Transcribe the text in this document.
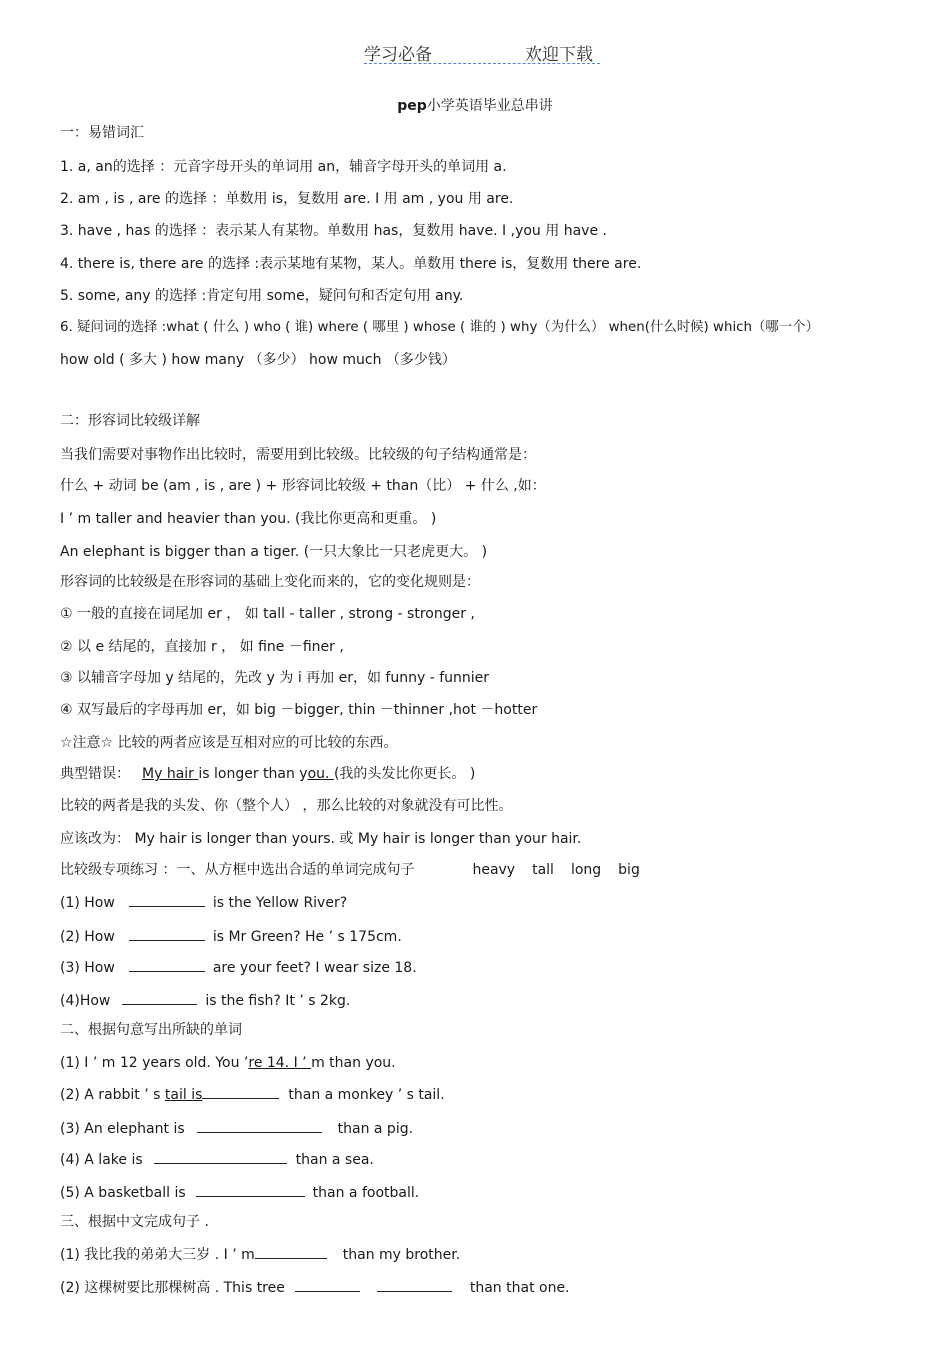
学习必备	欢迎下载
pep小学英语毕业总串讲
一：易错词汇
1. a, an的选择 ：元音字母开头的单词用 an，辅音字母开头的单词用 a.
2. am , is , are 的选择 ：单数用 is，复数用 are. I 用 am , you 用 are.
3. have , has 的选择 ：表示某人有某物。单数用 has，复数用 have. I ,you 用 have .
4. there is, there are 的选择 :表示某地有某物，某人。单数用 there is，复数用 there are.
5. some, any 的选择 :肯定句用 some，疑问句和否定句用 any.
6. 疑问词的选择 :what ( 什么 ) who ( 谁) where ( 哪里 ) whose ( 谁的 ) why（为什么） when(什么时候) which（哪一个）
how old ( 多大 ) how many （多少） how much （多少钱）
二：形容词比较级详解
当我们需要对事物作出比较时，需要用到比较级。比较级的句子结构通常是：
什么 + 动词 be (am , is , are ) + 形容词比较级 + than（比） + 什么 ,如：
I ’ m taller and heavier than you. (我比你更高和更重。 )
An elephant is bigger than a tiger. (一只大象比一只老虎更大。 )
形容词的比较级是在形容词的基础上变化而来的，它的变化规则是：
① 一般的直接在词尾加 er ， 如 tall - taller , strong - stronger ,
② 以 e 结尾的，直接加 r ， 如 fine －finer ,
③ 以辅音字母加 y 结尾的，先改 y 为 i 再加 er，如 funny - funnier
④ 双写最后的字母再加 er，如 big －bigger, thin －thinner ,hot －hotter
☆注意☆ 比较的两者应该是互相对应的可比较的东西。
典型错误： My hair is longer than you. (我的头发比你更长。 )
比较的两者是我的头发、你（整个人） ，那么比较的对象就没有可比性。
应该改为： My hair is longer than yours. 或 My hair is longer than your hair.
比较级专项练习 ：一、从方框中选出合适的单词完成句子	heavy tall long big
(1) How	is the Yellow River?
(2) How	is Mr Green? He ’ s 175cm.
(3) How	are your feet? I wear size 18.
(4)How	is the fish? It ’ s 2kg.
二、根据句意写出所缺的单词
(1) I ’ m 12 years old. You ’re 14. I ’ m than you.
(2) A rabbit ’ s tail is	than a monkey ’ s tail.
(3) An elephant is	than a pig.
(4) A lake is	than a sea.
(5) A basketball is	than a football.
三、根据中文完成句子 .
(1) 我比我的弟弟大三岁 . I ’ m	than my brother.
(2) 这棵树要比那棵树高 . This tree	than that one.
